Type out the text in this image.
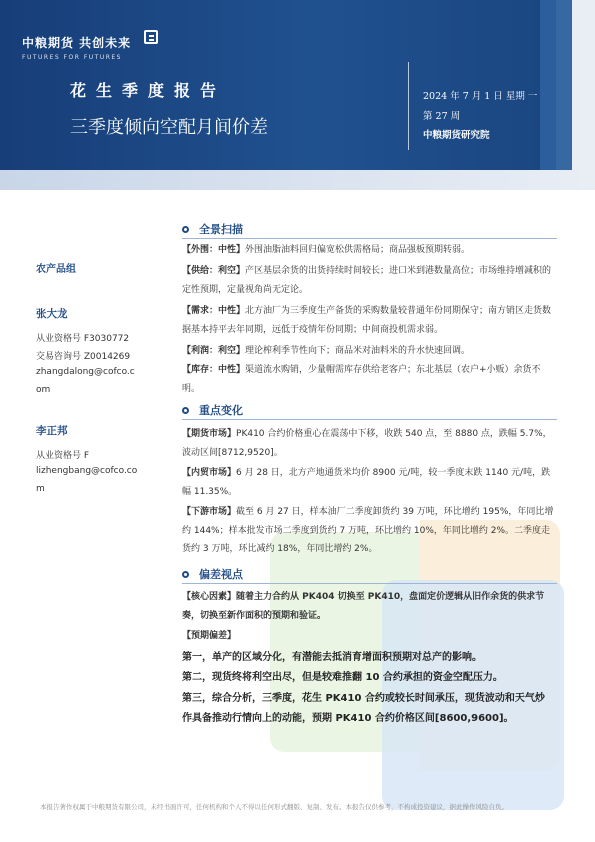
中粮期货 共创未来
FUTURES FOR FUTURES
花生季度报告
三季度倾向空配月间价差
2024 年 7 月 1 日 星期 一
第 27 周
中粮期货研究院
农产品组
张大龙
从业资格号 F3030772
交易咨询号 Z0014269
zhangdalong@cofco.c
om
李正邦
从业资格号 F
lizhengbang@cofco.co
m
全景扫描
【外围：中性】外围油脂油料回归偏宽松供需格局；商品强板预期转弱。
【供给：利空】产区基层余货的出货持续时间较长；进口米到港数量高位；市场维持增减积的定性预期，定量视角尚无定论。
【需求：中性】北方油厂为三季度生产备货的采购数量较普通年份同期保守；南方销区走货数据基本持平去年同期，远低于疫情年份同期；中间商投机需求弱。
【利润：利空】理论榨利季节性向下；商品米对油料米的升水快速回调。
【库存：中性】渠道流水购销，少量帽需库存供给老客户；东北基层（农户+小贩）余货不明。
重点变化
【期货市场】PK410 合约价格重心在震荡中下移，收跌 540 点，至 8880 点，跌幅 5.7%，波动区间[8712,9520]。
【内贸市场】6 月 28 日，北方产地通货米均价 8900 元/吨，较一季度末跌 1140 元/吨，跌幅 11.35%。
【下游市场】截至 6 月 27 日，样本油厂二季度卸货约 39 万吨，环比增约 195%，年同比增约 144%；样本批发市场二季度到货约 7 万吨，环比增约 10%，年同比增约 2%。二季度走货约 3 万吨，环比减约 18%，年同比增约 2%。
偏差视点
【核心因素】随着主力合约从 PK404 切换至 PK410，盘面定价逻辑从旧作余货的供求节奏，切换至新作面积的预期和验证。
【预期偏差】
第一，单产的区域分化，有潜能去抵消育增面积预期对总产的影响。
第二，现货终将利空出尽，但是较难推翻 10 合约承担的资金空配压力。
第三，综合分析，三季度，花生 PK410 合约或较长时间承压，现货波动和天气炒作具备推动行情向上的动能，预期 PK410 合约价格区间[8600,9600]。
本报告著作权属于中粮期货有限公司，未经书面许可，任何机构和个人不得以任何形式翻版、复制、发布。本报告仅供参考，不构成投资建议，据此操作风险自负。
